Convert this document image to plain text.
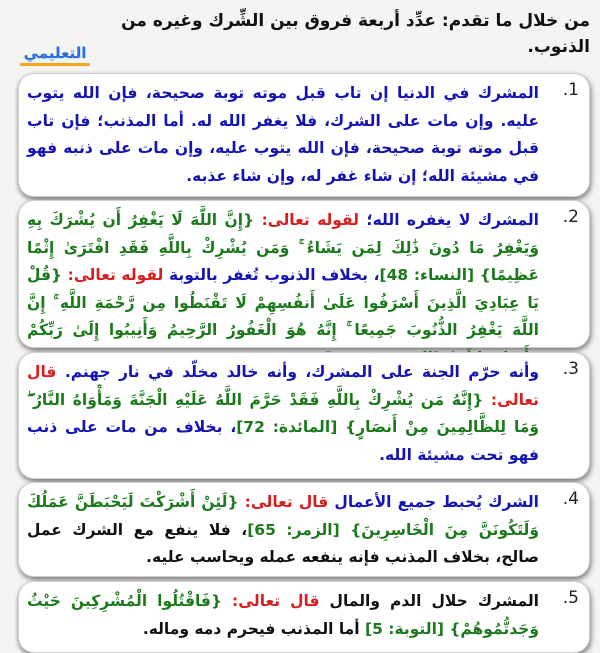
من خلال ما تقدم: عدِّد أربعة فروق بين الشِّرك وغيره من الذنوب.
التعليمي
.1
المشرك في الدنيا إن تاب قبل موته توبة صحيحة، فإن الله يتوب عليه. وإن مات على الشرك، فلا يغفر الله له. أما المذنب؛ فإن تاب قبل موته توبة صحيحة، فإن الله يتوب عليه، وإن مات على ذنبه فهو في مشيئة الله؛ إن شاء غفر له، وإن شاء عذبه.
.2
المشرك لا يغفره الله؛ لقوله تعالى: {إِنَّ اللَّهَ لَا يَغْفِرُ أَن يُشْرَكَ بِهِ وَيَغْفِرُ مَا دُونَ ذَٰلِكَ لِمَن يَشَاءُ ۚ وَمَن يُشْرِكْ بِاللَّهِ فَقَدِ افْتَرَىٰ إِثْمًا عَظِيمًا} [النساء: 48]، بخلاف الذنوب تُغفر بالتوبة لقوله تعالى: {قُلْ يَا عِبَادِيَ الَّذِينَ أَسْرَفُوا عَلَىٰ أَنفُسِهِمْ لَا تَقْنَطُوا مِن رَّحْمَةِ اللَّهِ ۚ إِنَّ اللَّهَ يَغْفِرُ الذُّنُوبَ جَمِيعًا ۚ إِنَّهُ هُوَ الْغَفُورُ الرَّحِيمُ وَأَنِيبُوا إِلَىٰ رَبِّكُمْ
.3
وأنه حرّم الجنة على المشرك، وأنه خالد مخلّد في نار جهنم. قال تعالى: {إِنَّهُ مَن يُشْرِكْ بِاللَّهِ فَقَدْ حَرَّمَ اللَّهُ عَلَيْهِ الْجَنَّةَ وَمَأْوَاهُ النَّارُ ۖ وَمَا لِلظَّالِمِينَ مِنْ أَنصَارٍ} [المائدة: 72]، بخلاف من مات على ذنب فهو تحت مشيئة الله.
.4
الشرك يُحبط جميع الأعمال قال تعالى: {لَئِنْ أَشْرَكْتَ لَيَحْبَطَنَّ عَمَلُكَ وَلَتَكُونَنَّ مِنَ الْخَاسِرِينَ} [الزمر: 65]، فلا ينفع مع الشرك عمل صالح، بخلاف المذنب فإنه ينفعه عمله ويحاسب عليه.
.5
المشرك حلال الدم والمال قال تعالى: {فَاقْتُلُوا الْمُشْرِكِينَ حَيْثُ وَجَدتُّمُوهُمْ} [التوبة: 5] أما المذنب فيحرم دمه وماله.
